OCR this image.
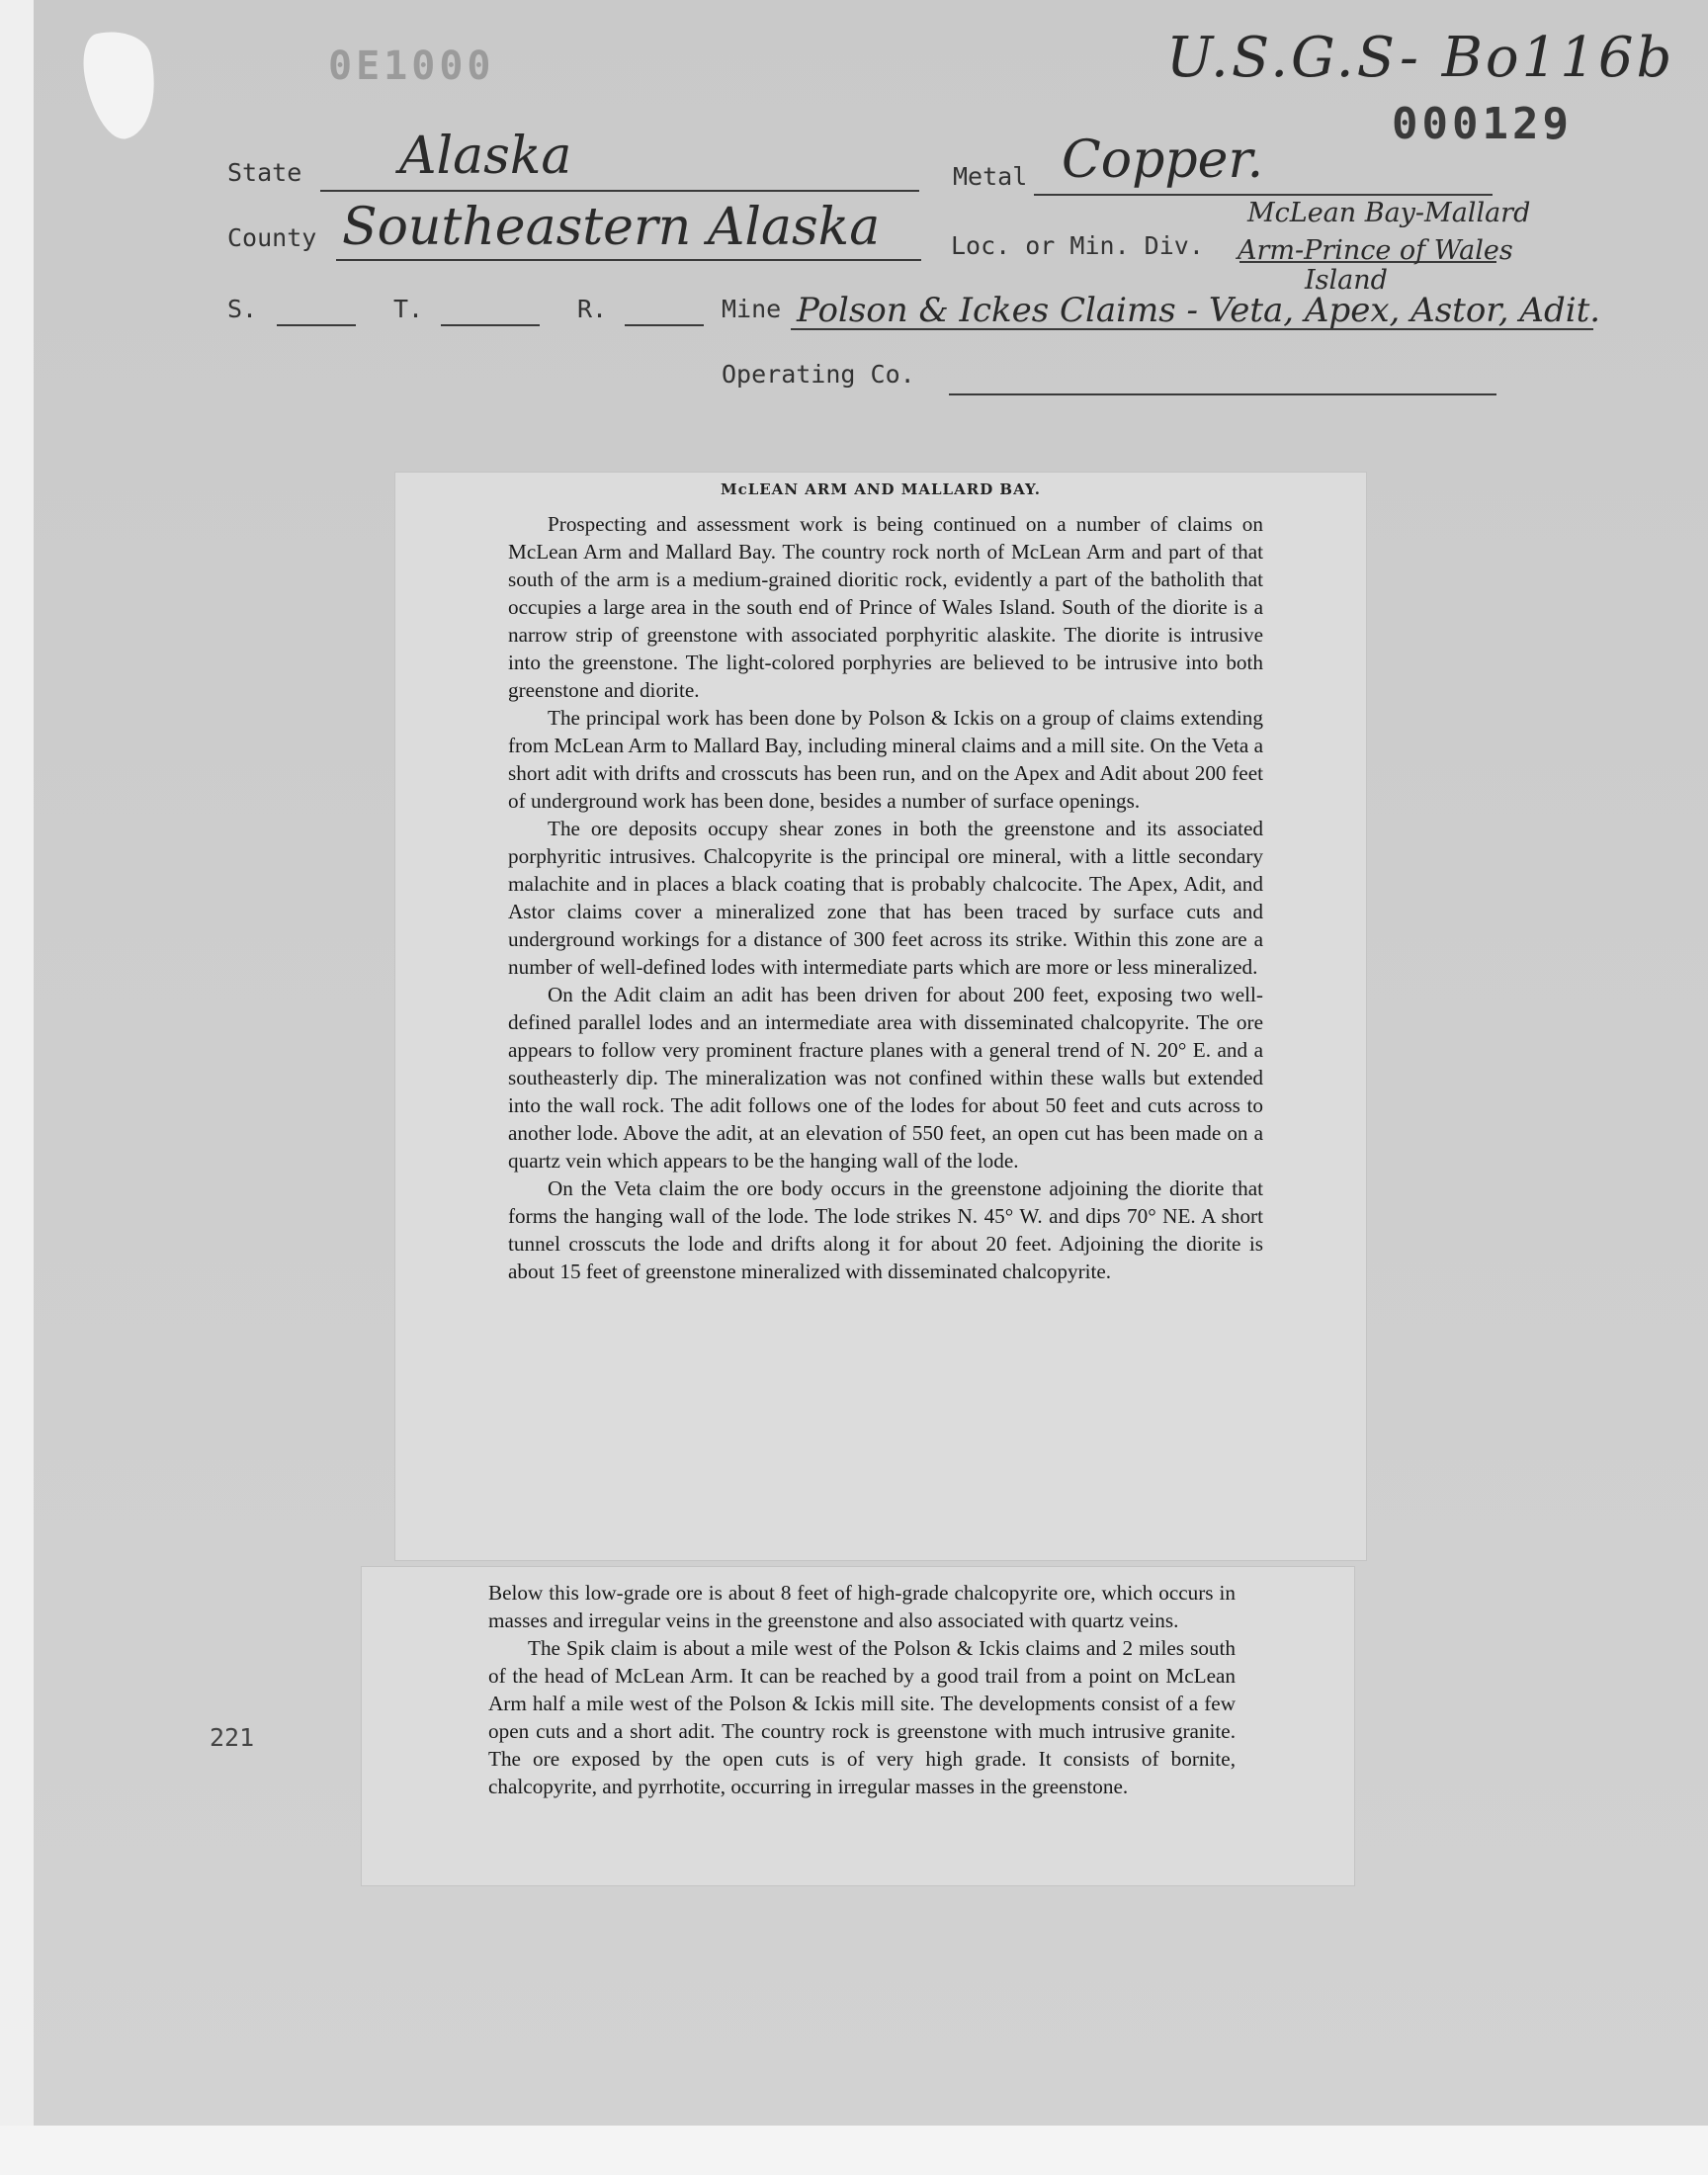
0E1000
000129
U.S.G.S- Bo116b
State Alaska	Metal Copper.
County Southeastern Alaska	Loc. or Min. Div.
McLean Bay-Mallard
Arm-Prince of Wales
Island
S.	T.	R.	Mine Polson & Ickes Claims - Veta, Apex, Astor, Adit.
Operating Co.
McLEAN ARM AND MALLARD BAY.

Prospecting and assessment work is being continued on a number of claims on McLean Arm and Mallard Bay. The country rock north of McLean Arm and part of that south of the arm is a medium-grained dioritic rock, evidently a part of the batholith that occupies a large area in the south end of Prince of Wales Island. South of the diorite is a narrow strip of greenstone with associated porphyritic alaskite. The diorite is intrusive into the greenstone. The light-colored porphyries are believed to be intrusive into both greenstone and diorite.

The principal work has been done by Polson & Ickis on a group of claims extending from McLean Arm to Mallard Bay, including mineral claims and a mill site. On the Veta a short adit with drifts and crosscuts has been run, and on the Apex and Adit about 200 feet of underground work has been done, besides a number of surface openings.

The ore deposits occupy shear zones in both the greenstone and its associated porphyritic intrusives. Chalcopyrite is the principal ore mineral, with a little secondary malachite and in places a black coating that is probably chalcocite. The Apex, Adit, and Astor claims cover a mineralized zone that has been traced by surface cuts and underground workings for a distance of 300 feet across its strike. Within this zone are a number of well-defined lodes with intermediate parts which are more or less mineralized.

On the Adit claim an adit has been driven for about 200 feet, exposing two well-defined parallel lodes and an intermediate area with disseminated chalcopyrite. The ore appears to follow very prominent fracture planes with a general trend of N. 20° E. and a southeasterly dip. The mineralization was not confined within these walls but extended into the wall rock. The adit follows one of the lodes for about 50 feet and cuts across to another lode. Above the adit, at an elevation of 550 feet, an open cut has been made on a quartz vein which appears to be the hanging wall of the lode.

On the Veta claim the ore body occurs in the greenstone adjoining the diorite that forms the hanging wall of the lode. The lode strikes N. 45° W. and dips 70° NE. A short tunnel crosscuts the lode and drifts along it for about 20 feet. Adjoining the diorite is about 15 feet of greenstone mineralized with disseminated chalcopyrite.

Below this low-grade ore is about 8 feet of high-grade chalcopyrite ore, which occurs in masses and irregular veins in the greenstone and also associated with quartz veins.

The Spik claim is about a mile west of the Polson & Ickis claims and 2 miles south of the head of McLean Arm. It can be reached by a good trail from a point on McLean Arm half a mile west of the Polson & Ickis mill site. The developments consist of a few open cuts and a short adit. The country rock is greenstone with much intrusive granite. The ore exposed by the open cuts is of very high grade. It consists of bornite, chalcopyrite, and pyrrhotite, occurring in irregular masses in the greenstone.

221
